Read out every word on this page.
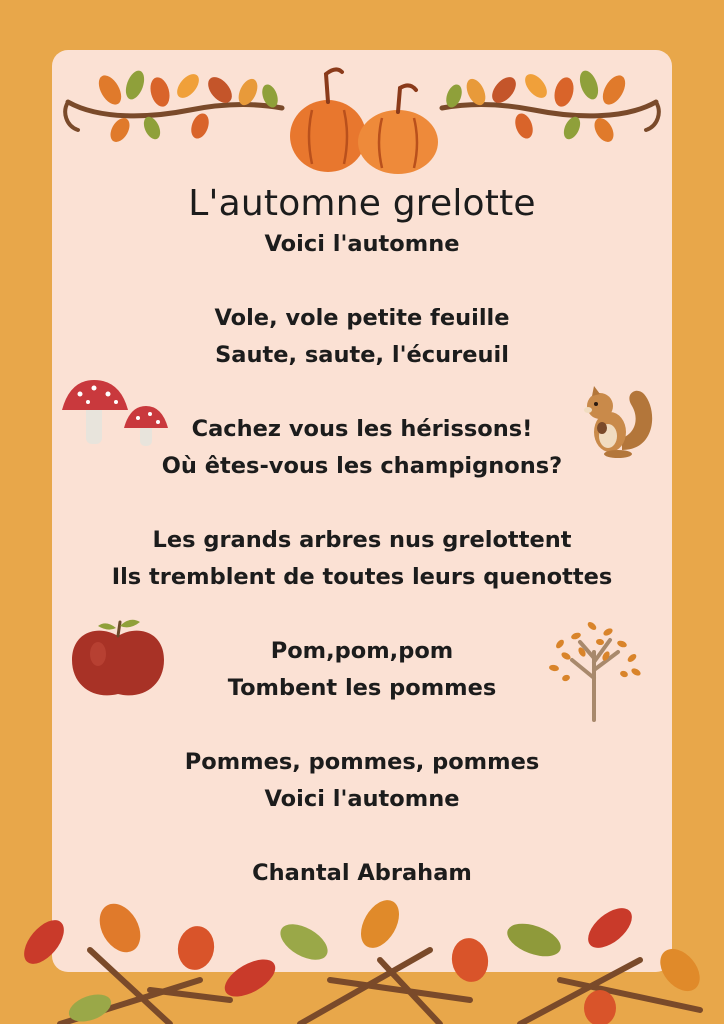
L'automne grelotte
Voici l'automne
Vole, vole petite feuille
Saute, saute, l'écureuil
Cachez vous les hérissons!
Où êtes-vous les champignons?
Les grands arbres nus grelottent
Ils tremblent de toutes leurs quenottes
Pom,pom,pom
Tombent les pommes
Pommes, pommes, pommes
Voici l'automne
Chantal Abraham
